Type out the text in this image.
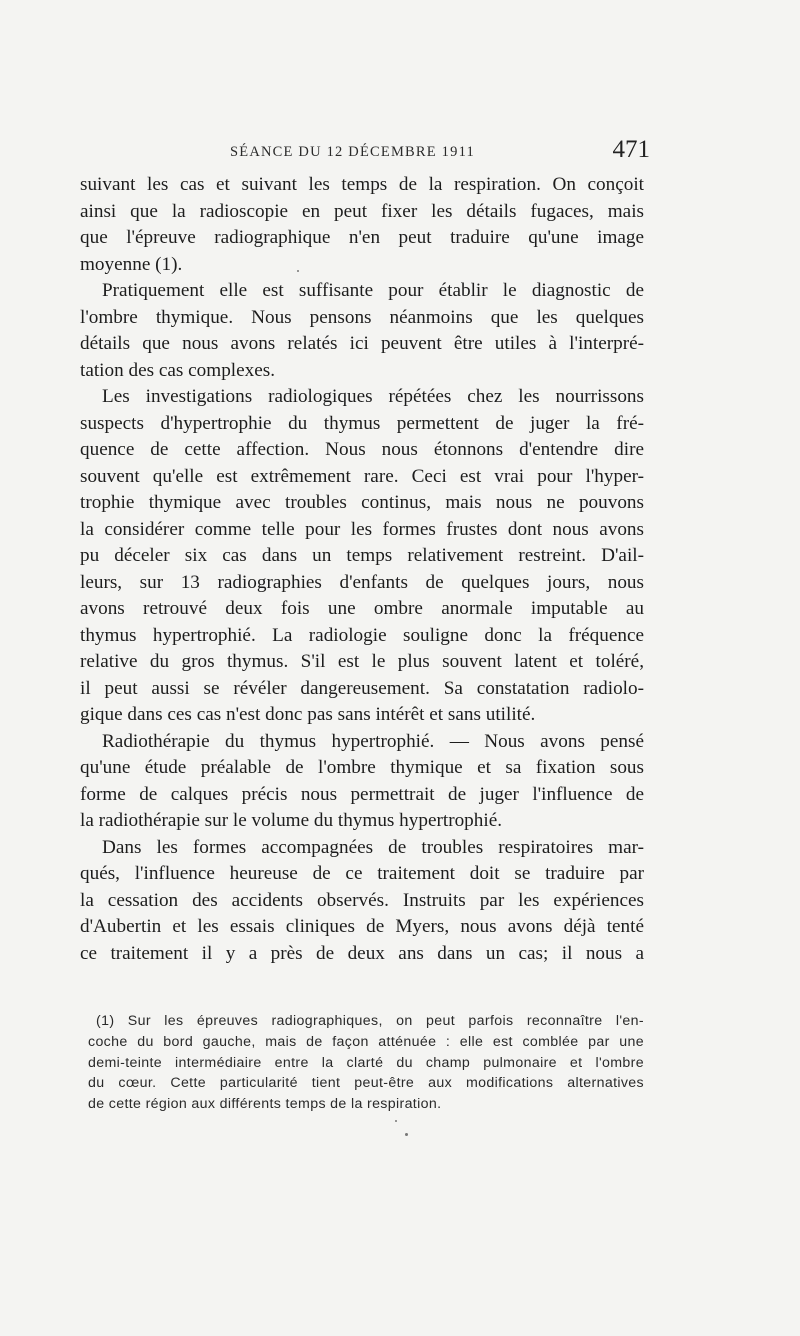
SÉANCE DU 12 DÉCEMBRE 1911	471
suivant les cas et suivant les temps de la respiration. On conçoit
ainsi que la radioscopie en peut fixer les détails fugaces, mais
que l'épreuve radiographique n'en peut traduire qu'une image
moyenne (1).
Pratiquement elle est suffisante pour établir le diagnostic de
l'ombre thymique. Nous pensons néanmoins que les quelques
détails que nous avons relatés ici peuvent être utiles à l'interpré-
tation des cas complexes.
Les investigations radiologiques répétées chez les nourrissons
suspects d'hypertrophie du thymus permettent de juger la fré-
quence de cette affection. Nous nous étonnons d'entendre dire
souvent qu'elle est extrêmement rare. Ceci est vrai pour l'hyper-
trophie thymique avec troubles continus, mais nous ne pouvons
la considérer comme telle pour les formes frustes dont nous avons
pu déceler six cas dans un temps relativement restreint. D'ail-
leurs, sur 13 radiographies d'enfants de quelques jours, nous
avons retrouvé deux fois une ombre anormale imputable au
thymus hypertrophié. La radiologie souligne donc la fréquence
relative du gros thymus. S'il est le plus souvent latent et toléré,
il peut aussi se révéler dangereusement. Sa constatation radiolo-
gique dans ces cas n'est donc pas sans intérêt et sans utilité.
Radiothérapie du thymus hypertrophié. — Nous avons pensé
qu'une étude préalable de l'ombre thymique et sa fixation sous
forme de calques précis nous permettrait de juger l'influence de
la radiothérapie sur le volume du thymus hypertrophié.
Dans les formes accompagnées de troubles respiratoires mar-
qués, l'influence heureuse de ce traitement doit se traduire par
la cessation des accidents observés. Instruits par les expériences
d'Aubertin et les essais cliniques de Myers, nous avons déjà tenté
ce traitement il y a près de deux ans dans un cas; il nous a
(1) Sur les épreuves radiographiques, on peut parfois reconnaître l'en-
coche du bord gauche, mais de façon atténuée : elle est comblée par une
demi-teinte intermédiaire entre la clarté du champ pulmonaire et l'ombre
du cœur. Cette particularité tient peut-être aux modifications alternatives
de cette région aux différents temps de la respiration.
